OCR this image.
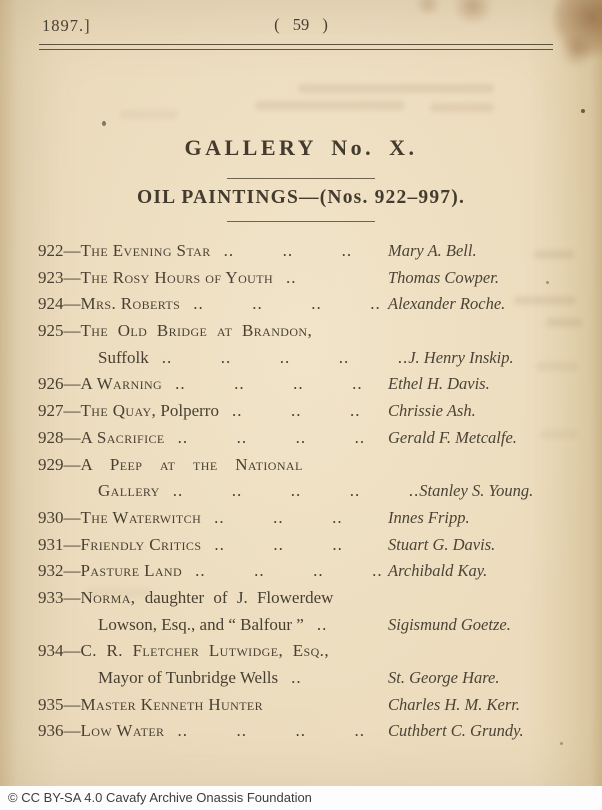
1897.]	( 59 )
GALLERY No. X.
OIL PAINTINGS—(Nos. 922–997).
922— The Evening Star ..  ..  .. Mary A. Bell.
923— The Rosy Hours of Youth ..	Thomas Cowper.
924— Mrs. Roberts ..  ..  ..  .. Alexander Roche.
925— The Old Bridge at Brandon,
Suffolk ..  ..  ..  ..  .. J. Henry Inskip.
926— A Warning ..  ..  ..  .. Ethel H. Davis.
927— The Quay, Polperro ..  ..  .. Chrissie Ash.
928— A Sacrifice ..  ..  ..  .. Gerald F. Metcalfe.
929— A Peep at the National
Gallery ..  ..  ..  ..  .. Stanley S. Young.
930— The Waterwitch ..  ..  ..	Innes Fripp.
931— Friendly Critics ..  ..  ..	Stuart G. Davis.
932— Pasture Land ..  ..  ..  .. Archibald Kay.
933— Norma, daughter of J. Flowerdew
Lowson, Esq., and “ Balfour ” ..	Sigismund Goetze.
934— C. R. Fletcher Lutwidge, Esq.,
Mayor of Tunbridge Wells ..	St. George Hare.
935— Master Kenneth Hunter	Charles H. M. Kerr.
936— Low Water ..  ..  ..  .. Cuthbert C. Grundy.
© CC BY-SA 4.0 Cavafy Archive Onassis Foundation
